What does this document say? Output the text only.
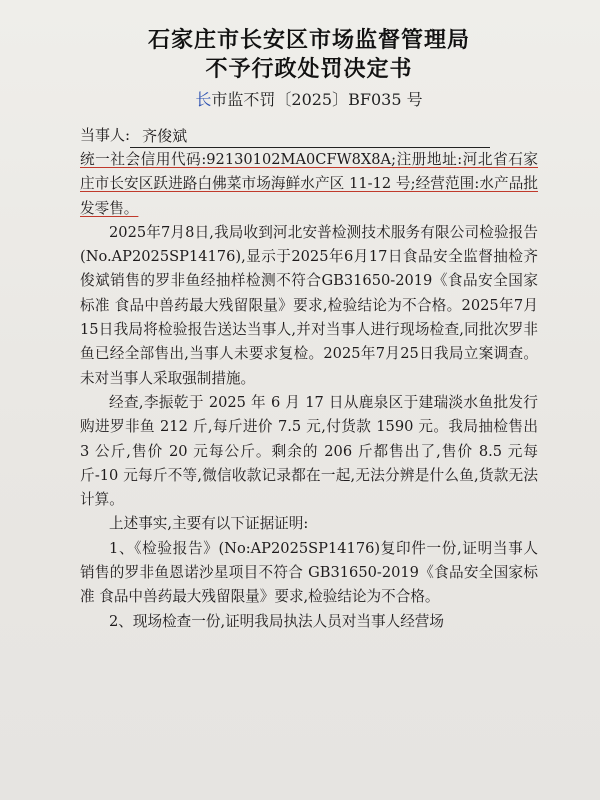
石家庄市长安区市场监督管理局
不予行政处罚决定书
长市监不罚〔2025〕BF035 号
当事人: 齐俊斌

统一社会信用代码:92130102MA0CFW8X8A;注册地址:河北省石家庄市长安区跃进路白佛菜市场海鲜水产区 11-12 号;经营范围:水产品批发零售。

2025年7月8日,我局收到河北安普检测技术服务有限公司检验报告(No.AP2025SP14176),显示于2025年6月17日食品安全监督抽检齐俊斌销售的罗非鱼经抽样检测不符合GB31650-2019《食品安全国家标准 食品中兽药最大残留限量》要求,检验结论为不合格。2025年7月15日我局将检验报告送达当事人,并对当事人进行现场检查,同批次罗非鱼已经全部售出,当事人未要求复检。2025年7月25日我局立案调查。未对当事人采取强制措施。

经查,李振乾于 2025 年 6 月 17 日从鹿泉区于建瑞淡水鱼批发行购进罗非鱼 212 斤,每斤进价 7.5 元,付货款 1590 元。我局抽检售出 3 公斤,售价 20 元每公斤。剩余的 206 斤都售出了,售价 8.5 元每斤-10 元每斤不等,微信收款记录都在一起,无法分辨是什么鱼,货款无法计算。

上述事实,主要有以下证据证明:

1、《检验报告》(No:AP2025SP14176)复印件一份,证明当事人销售的罗非鱼恩诺沙星项目不符合 GB31650-2019《食品安全国家标准 食品中兽药最大残留限量》要求,检验结论为不合格。

2、现场检查一份,证明我局执法人员对当事人经营场
